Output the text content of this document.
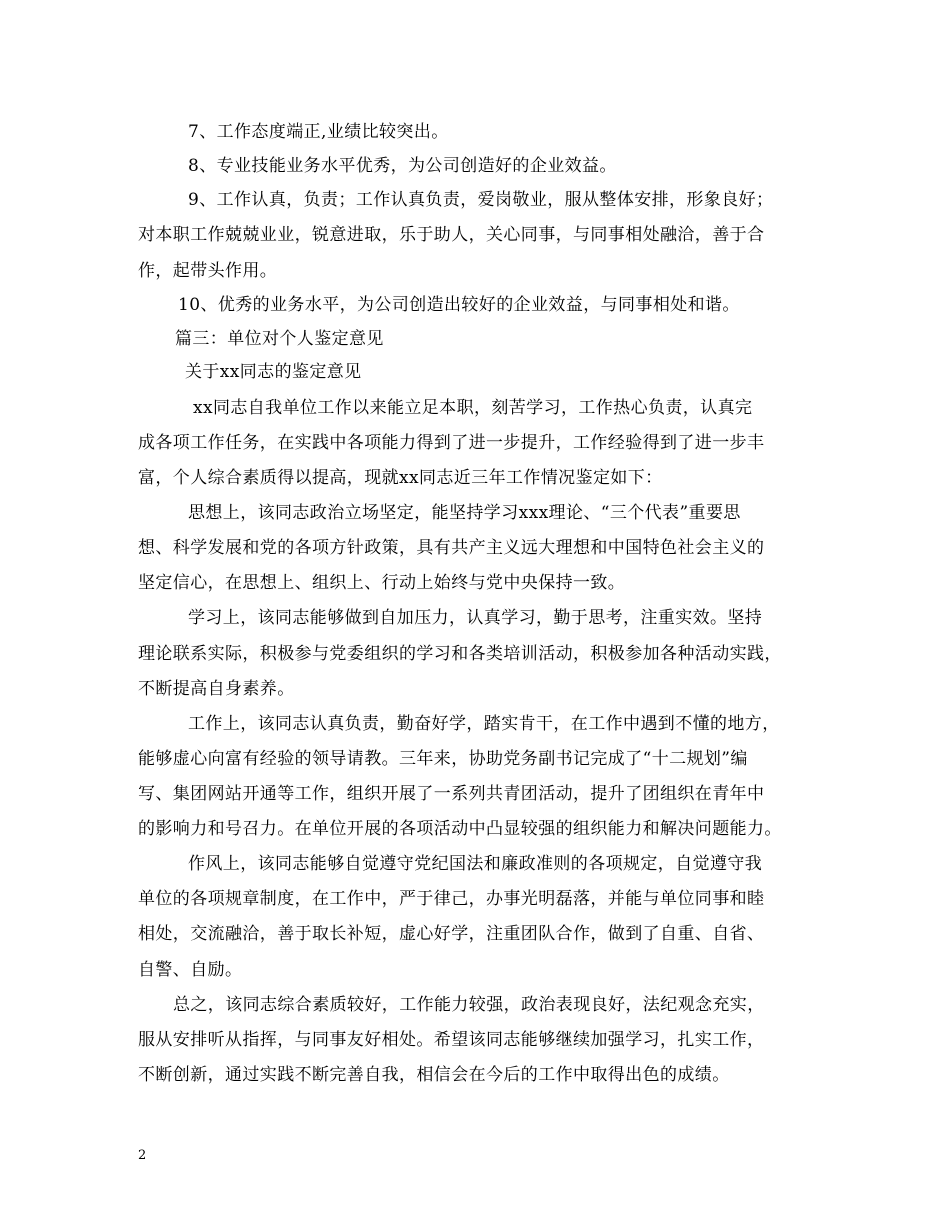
7、工作态度端正,业绩比较突出。
8、专业技能业务水平优秀，为公司创造好的企业效益。
9、工作认真，负责；工作认真负责，爱岗敬业，服从整体安排，形象良好；
对本职工作兢兢业业，锐意进取，乐于助人，关心同事，与同事相处融洽，善于合
作，起带头作用。
10、优秀的业务水平，为公司创造出较好的企业效益，与同事相处和谐。
篇三：单位对个人鉴定意见
关于xx同志的鉴定意见
xx同志自我单位工作以来能立足本职，刻苦学习，工作热心负责，认真完
成各项工作任务，在实践中各项能力得到了进一步提升，工作经验得到了进一步丰
富，个人综合素质得以提高，现就xx同志近三年工作情况鉴定如下：
思想上，该同志政治立场坚定，能坚持学习xxx理论、“三个代表”重要思
想、科学发展和党的各项方针政策，具有共产主义远大理想和中国特色社会主义的
坚定信心，在思想上、组织上、行动上始终与党中央保持一致。
学习上，该同志能够做到自加压力，认真学习，勤于思考，注重实效。坚持
理论联系实际，积极参与党委组织的学习和各类培训活动，积极参加各种活动实践，
不断提高自身素养。
工作上，该同志认真负责，勤奋好学，踏实肯干，在工作中遇到不懂的地方，
能够虚心向富有经验的领导请教。三年来，协助党务副书记完成了“十二规划”编
写、集团网站开通等工作，组织开展了一系列共青团活动，提升了团组织在青年中
的影响力和号召力。在单位开展的各项活动中凸显较强的组织能力和解决问题能力。
作风上，该同志能够自觉遵守党纪国法和廉政准则的各项规定，自觉遵守我
单位的各项规章制度，在工作中，严于律己，办事光明磊落，并能与单位同事和睦
相处，交流融洽，善于取长补短，虚心好学，注重团队合作，做到了自重、自省、
自警、自励。
总之，该同志综合素质较好，工作能力较强，政治表现良好，法纪观念充实，
服从安排听从指挥，与同事友好相处。希望该同志能够继续加强学习，扎实工作，
不断创新，通过实践不断完善自我，相信会在今后的工作中取得出色的成绩。
2
